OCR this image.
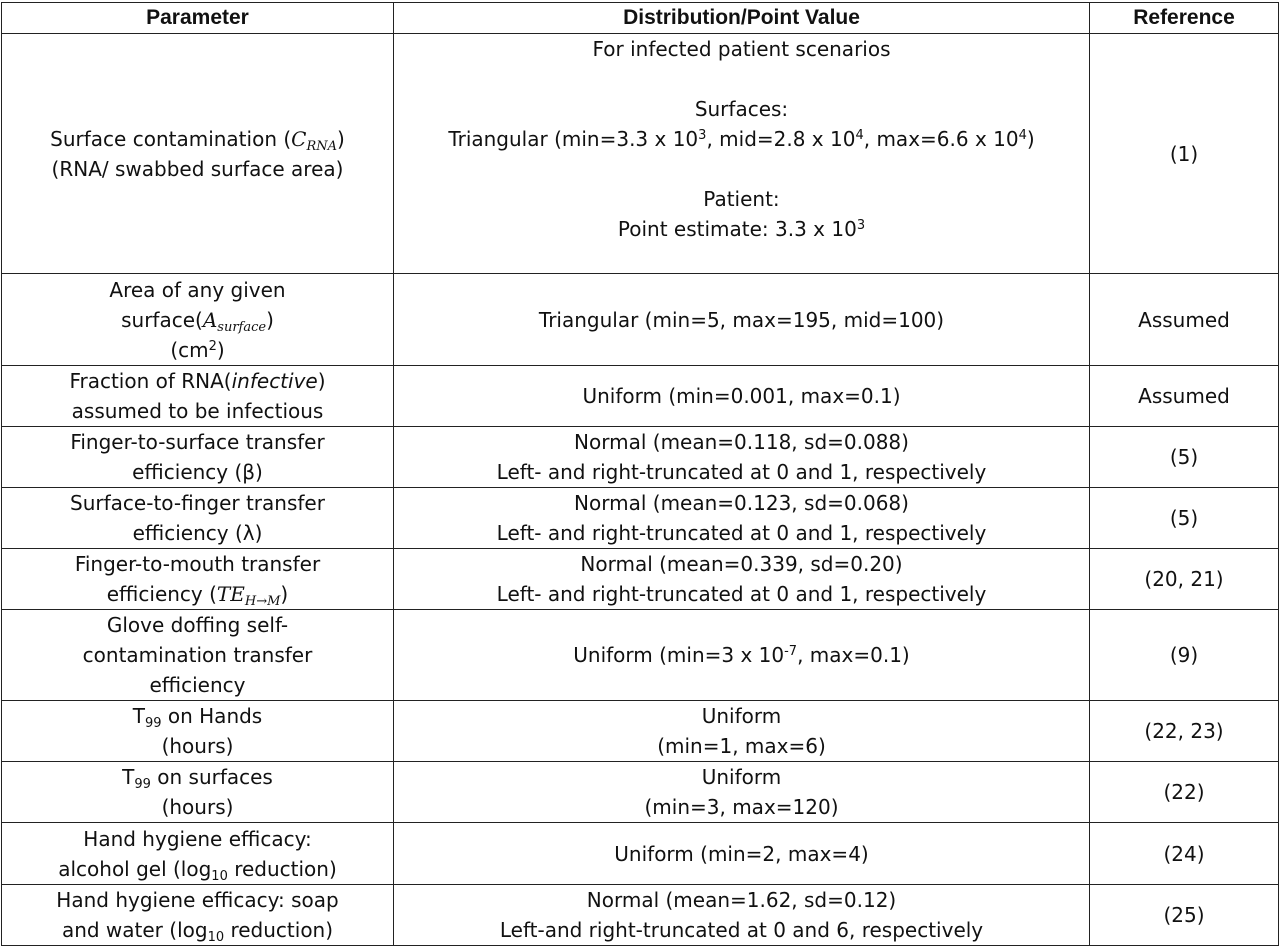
Parameter	Distribution/Point Value	Reference

Surface contamination $(C_{RNA})$
(RNA/ swabbed surface area)	For infected patient scenarios
Surfaces:
Triangular (min=3.3 x $10^3$, mid=2.8 x $10^4$, max=6.6 x $10^4$)
Patient:
Point estimate: 3.3 x $10^3$	(1)

Area of any given
$surface(A_{surface})$
$(cm^2)$	Triangular (min=5, max=195, mid=100)	Assumed

Fraction of RNA(infective)
assumed to be infectious	Uniform (min=0.001, max=0.1)	Assumed

Finger-to-surface transfer
efficiency (β)	Normal (mean=0.118, sd=0.088)
Left- and right-truncated at 0 and 1, respectively	(5)

Surface-to-finger transfer
efficiency (λ)	Normal (mean=0.123, sd=0.068)
Left- and right-truncated at 0 and 1, respectively	(5)

Finger-to-mouth transfer
efficiency $(TE_{H\to M})$	Normal (mean=0.339, sd=0.20)
Left- and right-truncated at 0 and 1, respectively	(20, 21)

Glove doffing self-
contamination transfer
efficiency	Uniform (min=3 x $10^{-7}$, max=0.1)	(9)

$T_{99}$ on Hands
(hours)	Uniform
(min=1, max=6)	(22, 23)

$T_{99}$ on surfaces
(hours)	Uniform
(min=3, max=120)	(22)

Hand hygiene efficacy:
alcohol gel ($\log_{10}$ reduction)	Uniform (min=2, max=4)	(24)

Hand hygiene efficacy: soap
and water ($\log_{10}$ reduction)	Normal (mean=1.62, sd=0.12)
Left-and right-truncated at 0 and 6, respectively	(25)
